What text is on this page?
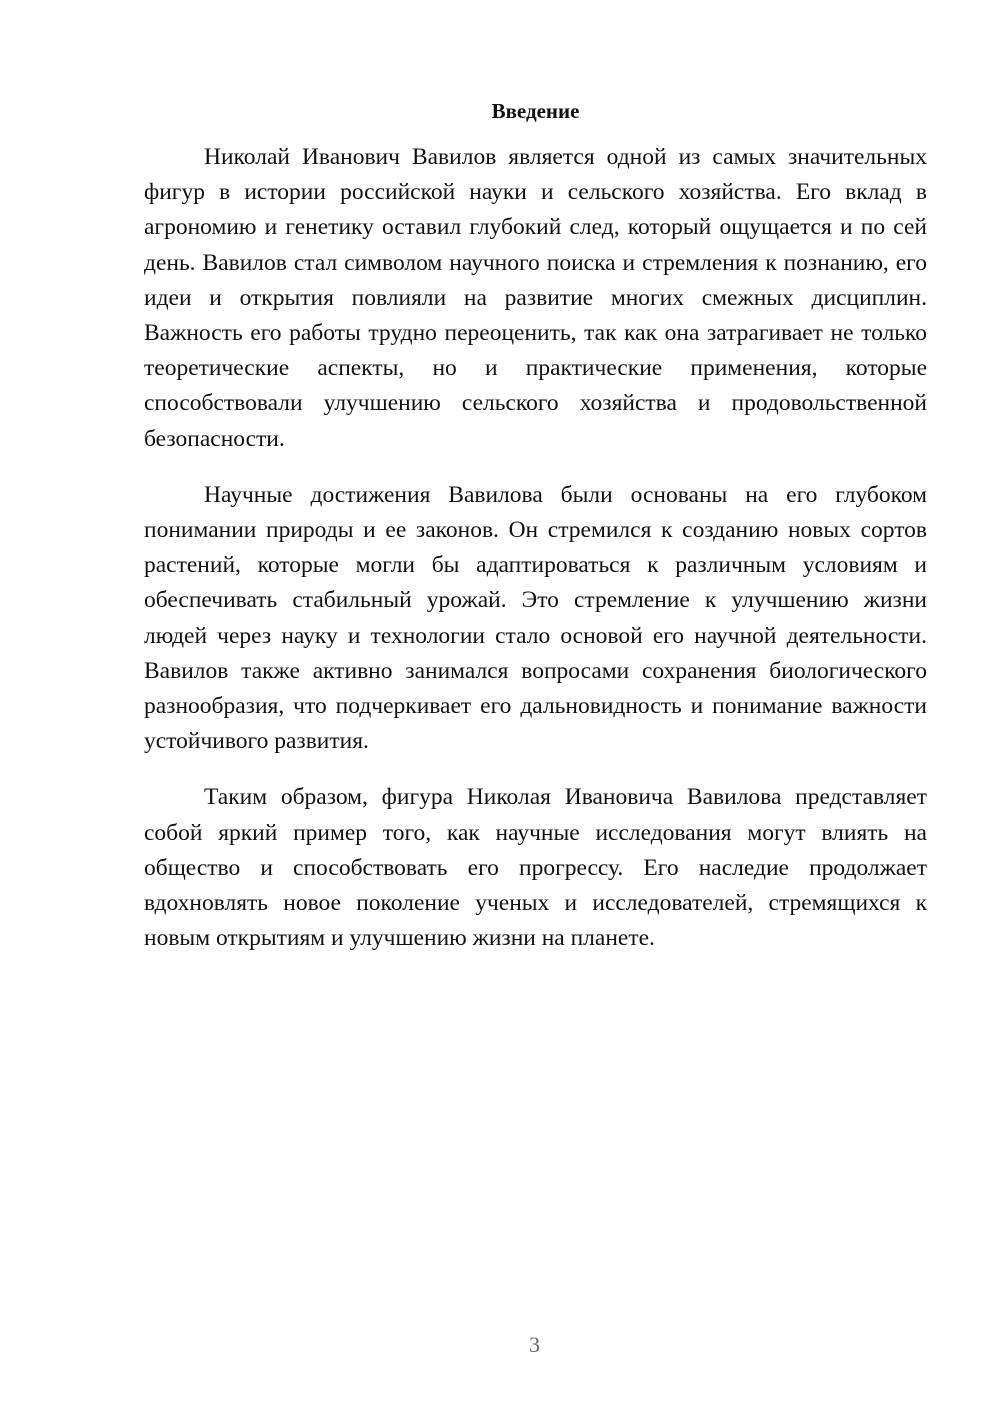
Введение

Николай Иванович Вавилов является одной из самых значительных фигур в истории российской науки и сельского хозяйства. Его вклад в агрономию и генетику оставил глубокий след, который ощущается и по сей день. Вавилов стал символом научного поиска и стремления к познанию, его идеи и открытия повлияли на развитие многих смежных дисциплин. Важность его работы трудно переоценить, так как она затрагивает не только теоретические аспекты, но и практические применения, которые способствовали улучшению сельского хозяйства и продовольственной безопасности.

Научные достижения Вавилова были основаны на его глубоком понимании природы и ее законов. Он стремился к созданию новых сортов растений, которые могли бы адаптироваться к различным условиям и обеспечивать стабильный урожай. Это стремление к улучшению жизни людей через науку и технологии стало основой его научной деятельности. Вавилов также активно занимался вопросами сохранения биологического разнообразия, что подчеркивает его дальновидность и понимание важности устойчивого развития.

Таким образом, фигура Николая Ивановича Вавилова представляет собой яркий пример того, как научные исследования могут влиять на общество и способствовать его прогрессу. Его наследие продолжает вдохновлять новое поколение ученых и исследователей, стремящихся к новым открытиям и улучшению жизни на планете.

3
